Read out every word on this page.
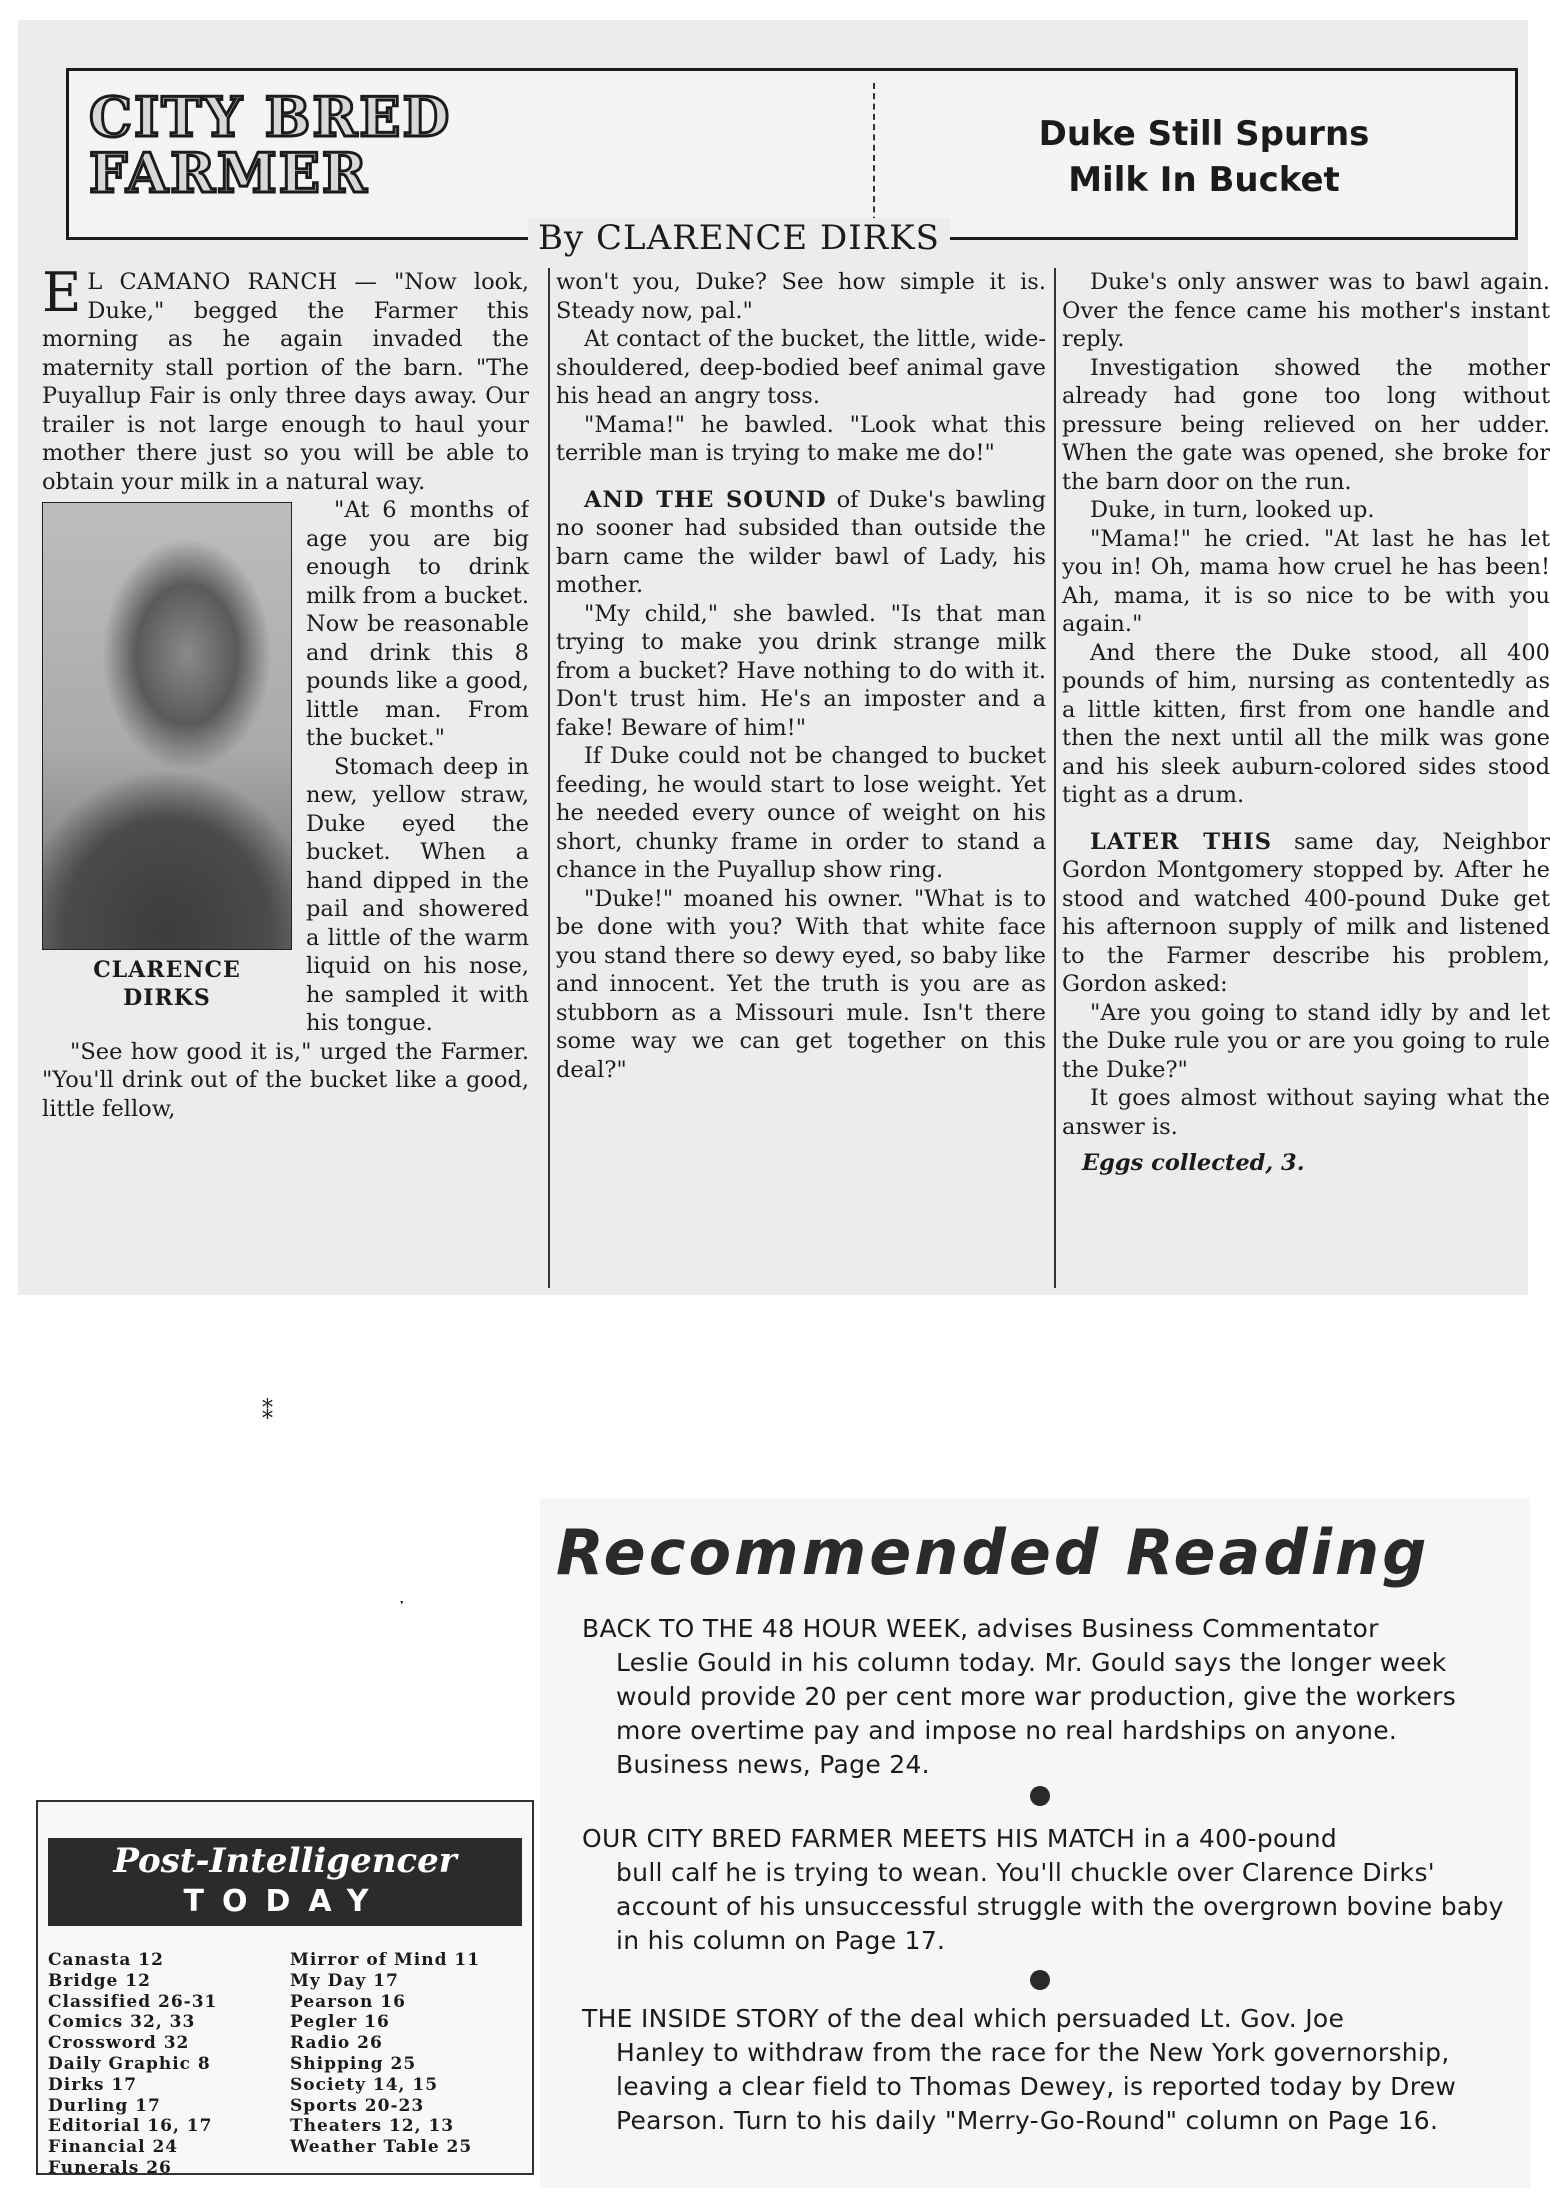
CITY BRED
FARMER
Duke Still Spurns
Milk In Bucket
By CLARENCE DIRKS

E L CAMANO RANCH — "Now look, Duke," begged the Farmer this morning as he again invaded the maternity stall portion of the barn. "The Puyallup Fair is only three days away. Our trailer is not large enough to haul your mother there just so you will be able to obtain your milk in a natural way.

CLARENCE
DIRKS

"At 6 months of age you are big enough to drink milk from a bucket. Now be reasonable and drink this 8 pounds like a good, little man. From the bucket."

Stomach deep in new, yellow straw, Duke eyed the bucket. When a hand dipped in the pail and showered a little of the warm liquid on his nose, he sampled it with his tongue.

"See how good it is," urged the Farmer. "You'll drink out of the bucket like a good, little fellow,

won't you, Duke? See how simple it is. Steady now, pal."

At contact of the bucket, the little, wide-shouldered, deep-bodied beef animal gave his head an angry toss.

"Mama!" he bawled. "Look what this terrible man is trying to make me do!"

AND THE SOUND of Duke's bawling no sooner had subsided than outside the barn came the wilder bawl of Lady, his mother.

"My child," she bawled. "Is that man trying to make you drink strange milk from a bucket? Have nothing to do with it. Don't trust him. He's an imposter and a fake! Beware of him!"

If Duke could not be changed to bucket feeding, he would start to lose weight. Yet he needed every ounce of weight on his short, chunky frame in order to stand a chance in the Puyallup show ring.

"Duke!" moaned his owner. "What is to be done with you? With that white face you stand there so dewy eyed, so baby like and innocent. Yet the truth is you are as stubborn as a Missouri mule. Isn't there some way we can get together on this deal?"

Duke's only answer was to bawl again. Over the fence came his mother's instant reply.

Investigation showed the mother already had gone too long without pressure being relieved on her udder. When the gate was opened, she broke for the barn door on the run.

Duke, in turn, looked up.

"Mama!" he cried. "At last he has let you in! Oh, mama how cruel he has been! Ah, mama, it is so nice to be with you again."

And there the Duke stood, all 400 pounds of him, nursing as contentedly as a little kitten, first from one handle and then the next until all the milk was gone and his sleek auburn-colored sides stood tight as a drum.

LATER THIS same day, Neighbor Gordon Montgomery stopped by. After he stood and watched 400-pound Duke get his afternoon supply of milk and listened to the Farmer describe his problem, Gordon asked:

"Are you going to stand idly by and let the Duke rule you or are you going to rule the Duke?"

It goes almost without saying what the answer is.

Eggs collected, 3.

⁑
ˑ
Post-Intelligencer
TODAY
Canasta 12
Bridge 12
Classified 26-31
Comics 32, 33
Crossword 32
Daily Graphic 8
Dirks 17
Durling 17
Editorial 16, 17
Financial 24
Funerals 26
Mirror of Mind 11
My Day 17
Pearson 16
Pegler 16
Radio 26
Shipping 25
Society 14, 15
Sports 20-23
Theaters 12, 13
Weather Table 25
Recommended Reading
BACK TO THE 48 HOUR WEEK, advises Business Commentator
Leslie Gould in his column today. Mr. Gould says the longer week would provide 20 per cent more war production, give the workers more overtime pay and impose no real hardships on anyone. Business news, Page 24.
OUR CITY BRED FARMER MEETS HIS MATCH in a 400-pound
bull calf he is trying to wean. You'll chuckle over Clarence Dirks' account of his unsuccessful struggle with the overgrown bovine baby in his column on Page 17.
THE INSIDE STORY of the deal which persuaded Lt. Gov. Joe
Hanley to withdraw from the race for the New York governorship, leaving a clear field to Thomas Dewey, is reported today by Drew Pearson. Turn to his daily "Merry-Go-Round" column on Page 16.
